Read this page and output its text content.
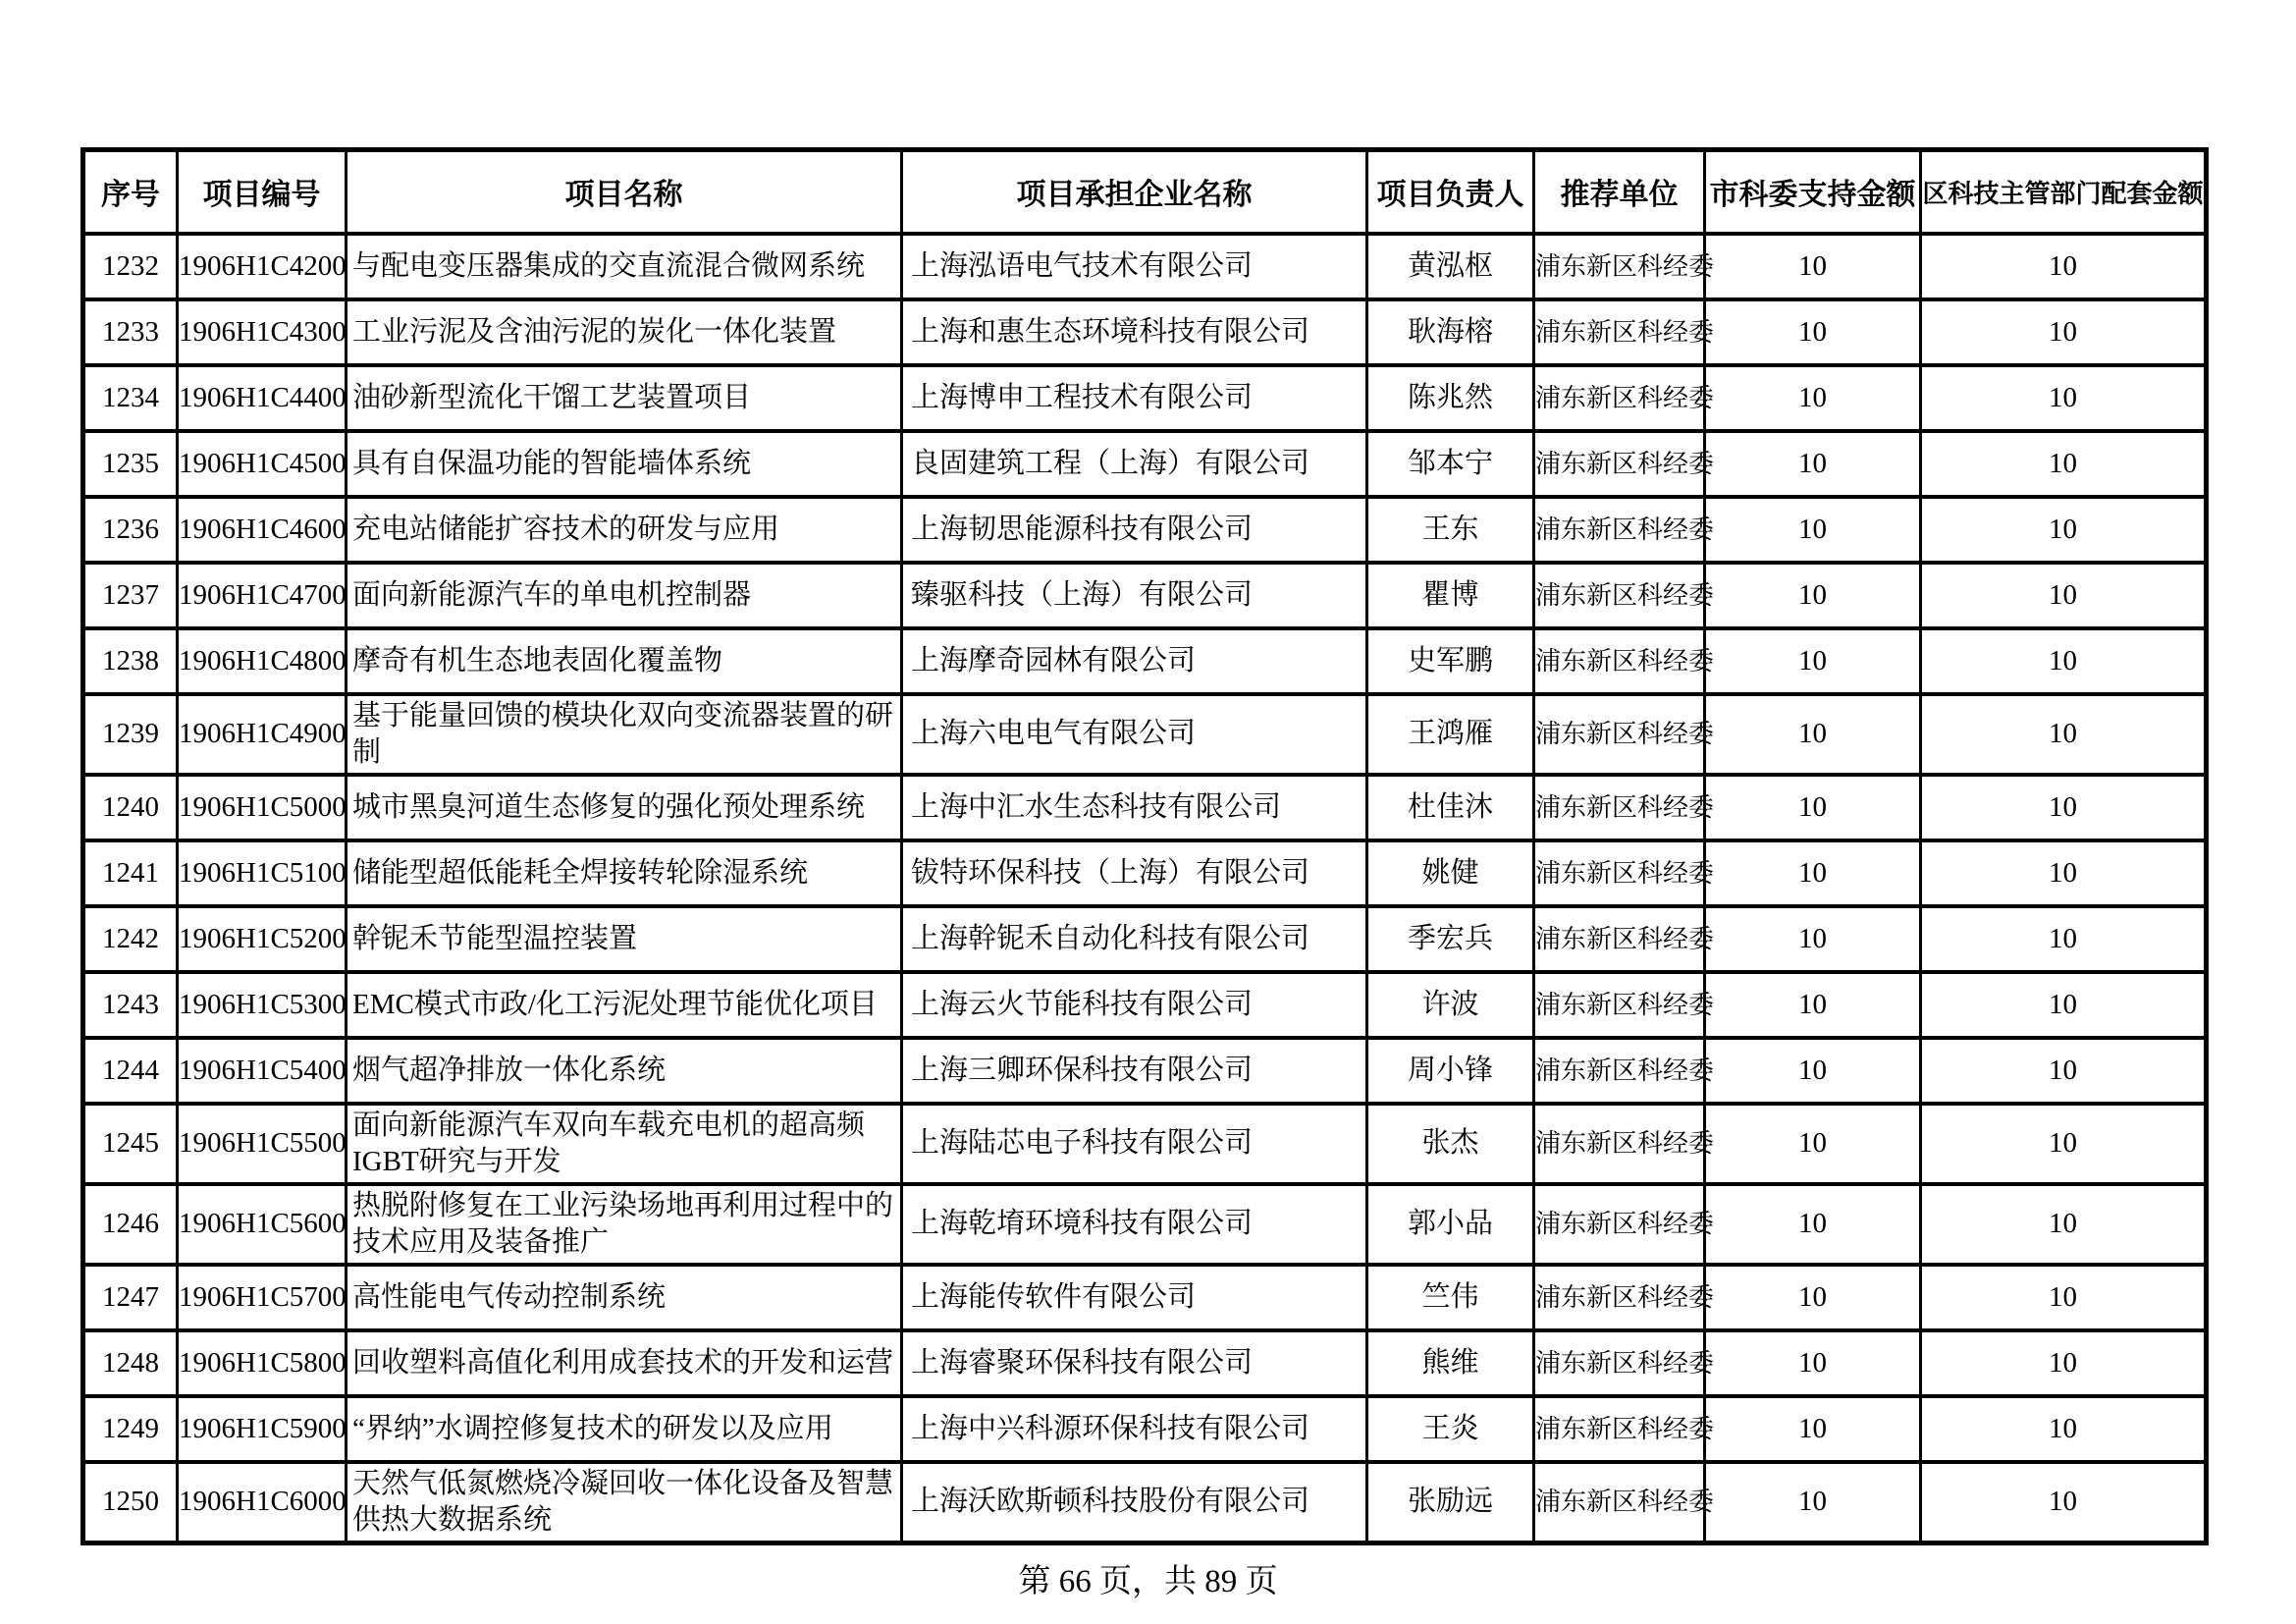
序号	项目编号	项目名称	项目承担企业名称	项目负责人	推荐单位	市科委支持金额	区科技主管部门配套金额
1232	1906H1C4200	与配电变压器集成的交直流混合微网系统	上海泓语电气技术有限公司	黄泓枢	浦东新区科经委	10	10
1233	1906H1C4300	工业污泥及含油污泥的炭化一体化装置	上海和惠生态环境科技有限公司	耿海榕	浦东新区科经委	10	10
1234	1906H1C4400	油砂新型流化干馏工艺装置项目	上海博申工程技术有限公司	陈兆然	浦东新区科经委	10	10
1235	1906H1C4500	具有自保温功能的智能墙体系统	良固建筑工程（上海）有限公司	邹本宁	浦东新区科经委	10	10
1236	1906H1C4600	充电站储能扩容技术的研发与应用	上海韧思能源科技有限公司	王东	浦东新区科经委	10	10
1237	1906H1C4700	面向新能源汽车的单电机控制器	臻驱科技（上海）有限公司	瞿博	浦东新区科经委	10	10
1238	1906H1C4800	摩奇有机生态地表固化覆盖物	上海摩奇园林有限公司	史军鹏	浦东新区科经委	10	10
1239	1906H1C4900	基于能量回馈的模块化双向变流器装置的研制	上海六电电气有限公司	王鸿雁	浦东新区科经委	10	10
1240	1906H1C5000	城市黑臭河道生态修复的强化预处理系统	上海中汇水生态科技有限公司	杜佳沐	浦东新区科经委	10	10
1241	1906H1C5100	储能型超低能耗全焊接转轮除湿系统	钹特环保科技（上海）有限公司	姚健	浦东新区科经委	10	10
1242	1906H1C5200	幹铌禾节能型温控装置	上海幹铌禾自动化科技有限公司	季宏兵	浦东新区科经委	10	10
1243	1906H1C5300	EMC模式市政/化工污泥处理节能优化项目	上海云火节能科技有限公司	许波	浦东新区科经委	10	10
1244	1906H1C5400	烟气超净排放一体化系统	上海三卿环保科技有限公司	周小锋	浦东新区科经委	10	10
1245	1906H1C5500	面向新能源汽车双向车载充电机的超高频IGBT研究与开发	上海陆芯电子科技有限公司	张杰	浦东新区科经委	10	10
1246	1906H1C5600	热脱附修复在工业污染场地再利用过程中的技术应用及装备推广	上海乾堉环境科技有限公司	郭小品	浦东新区科经委	10	10
1247	1906H1C5700	高性能电气传动控制系统	上海能传软件有限公司	竺伟	浦东新区科经委	10	10
1248	1906H1C5800	回收塑料高值化利用成套技术的开发和运营	上海睿聚环保科技有限公司	熊维	浦东新区科经委	10	10
1249	1906H1C5900	“界纳”水调控修复技术的研发以及应用	上海中兴科源环保科技有限公司	王炎	浦东新区科经委	10	10
1250	1906H1C6000	天然气低氮燃烧冷凝回收一体化设备及智慧供热大数据系统	上海沃欧斯顿科技股份有限公司	张励远	浦东新区科经委	10	10
第 66 页，共 89 页
